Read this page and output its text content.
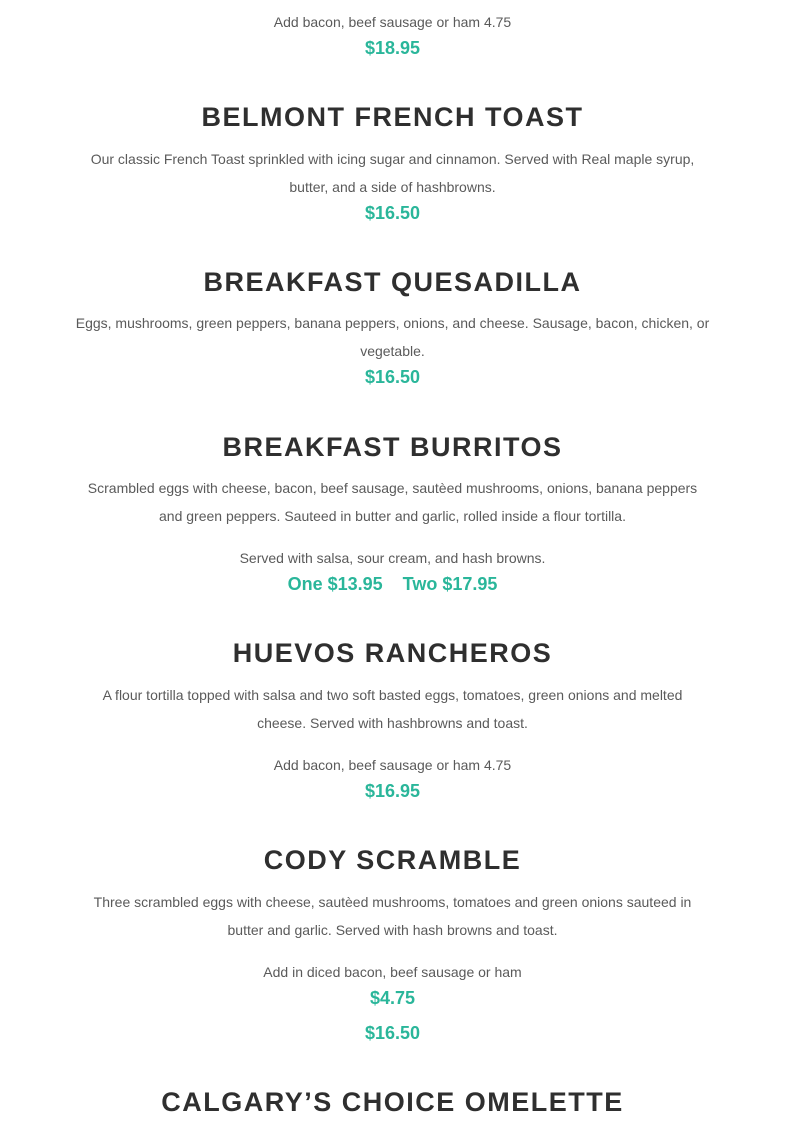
Add bacon, beef sausage or ham 4.75
$18.95
BELMONT FRENCH TOAST
Our classic French Toast sprinkled with icing sugar and cinnamon. Served with Real maple syrup,
butter, and a side of hashbrowns.
$16.50
BREAKFAST QUESADILLA
Eggs, mushrooms, green peppers, banana peppers, onions, and cheese. Sausage, bacon, chicken, or
vegetable.
$16.50
BREAKFAST BURRITOS
Scrambled eggs with cheese, bacon, beef sausage, sautèed mushrooms, onions, banana peppers
and green peppers. Sauteed in butter and garlic, rolled inside a flour tortilla.
Served with salsa, sour cream, and hash browns.
One $13.95 Two $17.95
HUEVOS RANCHEROS
A flour tortilla topped with salsa and two soft basted eggs, tomatoes, green onions and melted
cheese. Served with hashbrowns and toast.
Add bacon, beef sausage or ham 4.75
$16.95
CODY SCRAMBLE
Three scrambled eggs with cheese, sautèed mushrooms, tomatoes and green onions sauteed in
butter and garlic. Served with hash browns and toast.
Add in diced bacon, beef sausage or ham
$4.75
$16.50
CALGARY’S CHOICE OMELETTE
